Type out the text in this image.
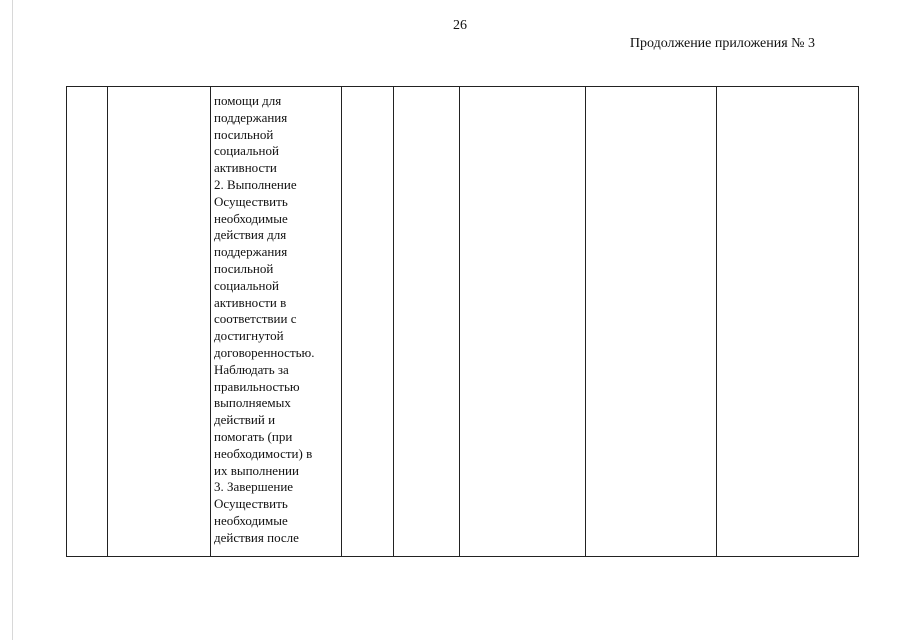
26
Продолжение приложения № 3

помощи для
поддержания
посильной
социальной
активности
2. Выполнение
Осуществить
необходимые
действия для
поддержания
посильной
социальной
активности в
соответствии с
достигнутой
договоренностью.
Наблюдать за
правильностью
выполняемых
действий и
помогать (при
необходимости) в
их выполнении
3. Завершение
Осуществить
необходимые
действия после
